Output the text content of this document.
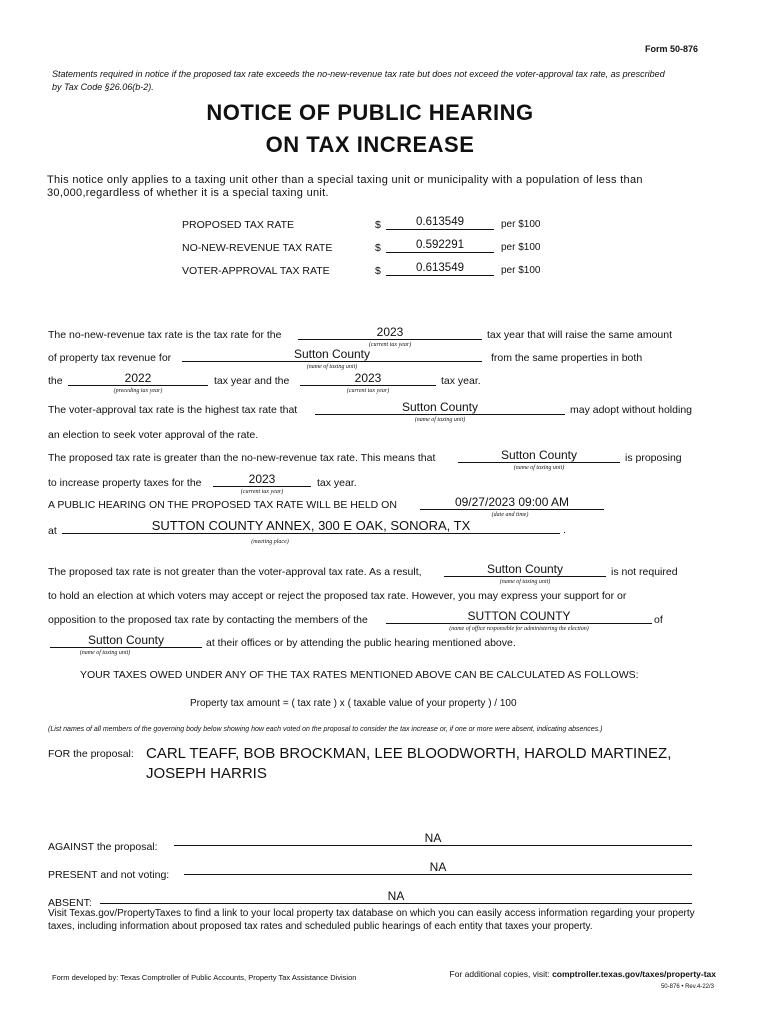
Form 50-876
Statements required in notice if the proposed tax rate exceeds the no-new-revenue tax rate but does not exceed the voter-approval tax rate, as prescribed by Tax Code §26.06(b-2).
NOTICE OF PUBLIC HEARING
ON TAX INCREASE
This notice only applies to a taxing unit other than a special taxing unit or municipality with a population of less than 30,000,regardless of whether it is a special taxing unit.
PROPOSED TAX RATE	$	0.613549	per $100
NO-NEW-REVENUE TAX RATE	$	0.592291	per $100
VOTER-APPROVAL TAX RATE	$	0.613549	per $100
The no-new-revenue tax rate is the tax rate for the	2023
(current tax year)
tax year that will raise the same amount
of property tax revenue for	Sutton County
(name of taxing unit)
from the same properties in both
the	2022
(preceding tax year)
tax year and the	2023
(current tax year)
tax year.
The voter-approval tax rate is the highest tax rate that	Sutton County
(name of taxing unit)
may adopt without holding
an election to seek voter approval of the rate.
The proposed tax rate is greater than the no-new-revenue tax rate. This means that	Sutton County
(name of taxing unit)
is proposing
to increase property taxes for the	2023
(current tax year)
tax year.
A PUBLIC HEARING ON THE PROPOSED TAX RATE WILL BE HELD ON	09/27/2023 09:00 AM
(date and time)
at	SUTTON COUNTY ANNEX, 300 E OAK, SONORA, TX
(meeting place)
.
The proposed tax rate is not greater than the voter-approval tax rate. As a result,	Sutton County
(name of taxing unit)
is not required
to hold an election at which voters may accept or reject the proposed tax rate. However, you may express your support for or
opposition to the proposed tax rate by contacting the members of the	SUTTON COUNTY
(name of office responsible for administering the election)
of
Sutton County
(name of taxing unit)
at their offices or by attending the public hearing mentioned above.
YOUR TAXES OWED UNDER ANY OF THE TAX RATES MENTIONED ABOVE CAN BE CALCULATED AS FOLLOWS:
Property tax amount = ( tax rate ) x ( taxable value of your property ) / 100
(List names of all members of the governing body below showing how each voted on the proposal to consider the tax increase or, if one or more were absent, indicating absences.)
FOR the proposal: CARL TEAFF, BOB BROCKMAN, LEE BLOODWORTH, HAROLD MARTINEZ,
JOSEPH HARRIS
AGAINST the proposal:
NA
PRESENT and not voting:
NA
ABSENT:	NA
Visit Texas.gov/PropertyTaxes to find a link to your local property tax database on which you can easily access information regarding your property taxes, including information about proposed tax rates and scheduled public hearings of each entity that taxes your property.
Form developed by: Texas Comptroller of Public Accounts, Property Tax Assistance Division	For additional copies, visit: comptroller.texas.gov/taxes/property-tax
50-876 • Rev.4-22/3
